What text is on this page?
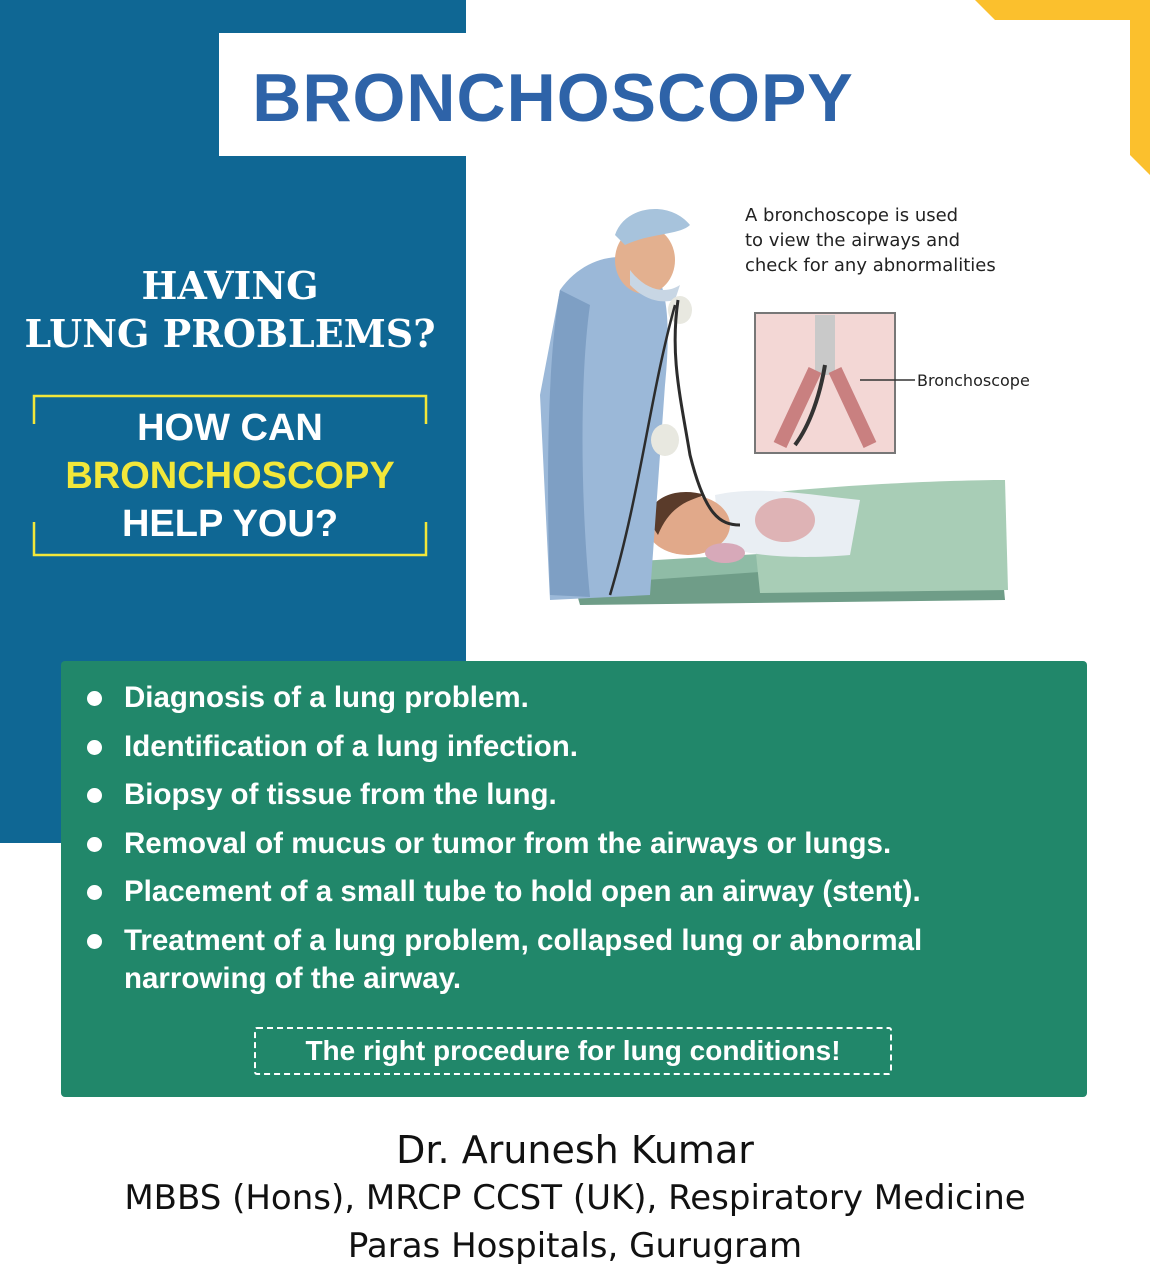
BRONCHOSCOPY
HAVING
LUNG PROBLEMS?
HOW CAN
BRONCHOSCOPY
HELP YOU?
A bronchoscope is used
to view the airways and
check for any abnormalities
Bronchoscope
Diagnosis of a lung problem.
Identification of a lung infection.
Biopsy of tissue from the lung.
Removal of mucus or tumor from the airways or lungs.
Placement of a small tube to hold open an airway (stent).
Treatment of a lung problem, collapsed lung or abnormal narrowing of the airway.
The right procedure for lung conditions!
Dr. Arunesh Kumar
MBBS (Hons), MRCP CCST (UK), Respiratory Medicine
Paras Hospitals, Gurugram
